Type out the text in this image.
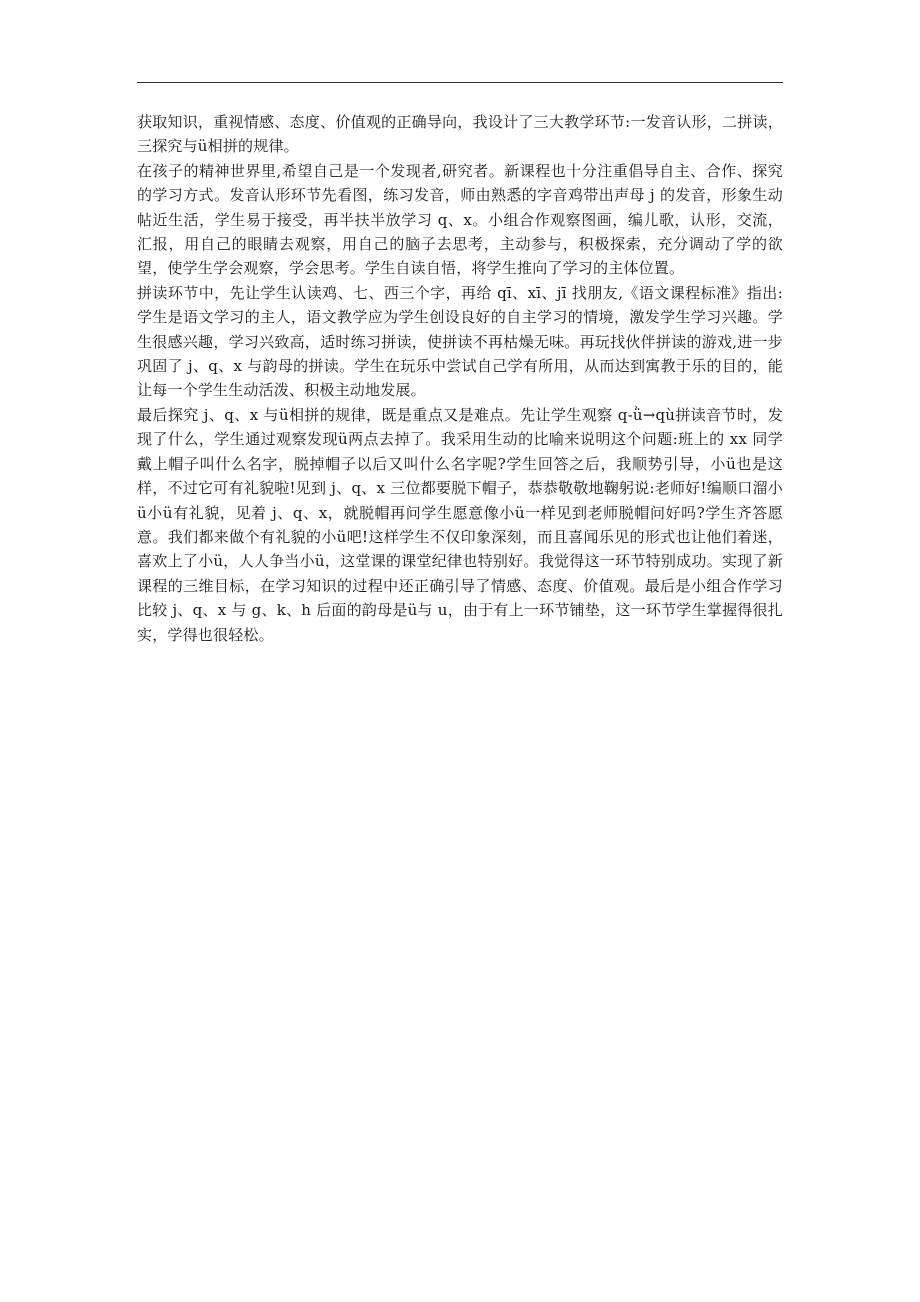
获取知识，重视情感、态度、价值观的正确导向，我设计了三大教学环节:一发音认形，二拼读，三探究与ü相拼的规律。

在孩子的精神世界里,希望自己是一个发现者,研究者。新课程也十分注重倡导自主、合作、探究的学习方式。发音认形环节先看图，练习发音，师由熟悉的字音鸡带出声母 j 的发音，形象生动帖近生活，学生易于接受，再半扶半放学习 q、x。小组合作观察图画，编儿歌，认形，交流，汇报，用自己的眼睛去观察，用自己的脑子去思考，主动参与，积极探索，充分调动了学的欲望，使学生学会观察，学会思考。学生自读自悟，将学生推向了学习的主体位置。

拼读环节中，先让学生认读鸡、七、西三个字，再给 qī、xī、jī 找朋友,《语文课程标准》指出:学生是语文学习的主人，语文教学应为学生创设良好的自主学习的情境，激发学生学习兴趣。学生很感兴趣，学习兴致高，适时练习拼读，使拼读不再枯燥无味。再玩找伙伴拼读的游戏,进一步巩固了 j、q、x 与韵母的拼读。学生在玩乐中尝试自己学有所用，从而达到寓教于乐的目的，能让每一个学生生动活泼、积极主动地发展。

最后探究 j、q、x 与ü相拼的规律，既是重点又是难点。先让学生观察 q-ǜ→qù拼读音节时，发现了什么，学生通过观察发现ü两点去掉了。我采用生动的比喻来说明这个问题:班上的 xx 同学戴上帽子叫什么名字，脱掉帽子以后又叫什么名字呢?学生回答之后，我顺势引导，小ü也是这样，不过它可有礼貌啦!见到 j、q、x 三位都要脱下帽子，恭恭敬敬地鞠躬说:老师好!编顺口溜小ü小ü有礼貌，见着 j、q、x，就脱帽再问学生愿意像小ü一样见到老师脱帽问好吗?学生齐答愿意。我们都来做个有礼貌的小ü吧!这样学生不仅印象深刻，而且喜闻乐见的形式也让他们着迷，喜欢上了小ü，人人争当小ü，这堂课的课堂纪律也特别好。我觉得这一环节特别成功。实现了新课程的三维目标，在学习知识的过程中还正确引导了情感、态度、价值观。最后是小组合作学习比较 j、q、x 与 g、k、h 后面的韵母是ü与 u，由于有上一环节铺垫，这一环节学生掌握得很扎实，学得也很轻松。
